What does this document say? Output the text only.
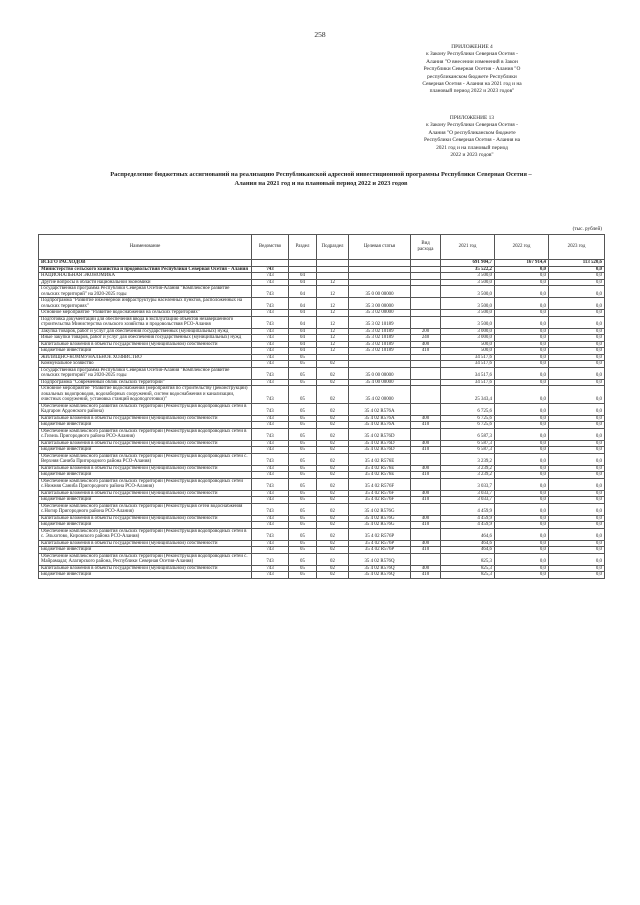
258
ПРИЛОЖЕНИЕ 4
к Закону Республики Северная Осетия -
Алания "О внесении изменений в Закон
Республики Северная Осетия - Алания "О
республиканском бюджете Республики
Северная Осетия - Алания на 2021 год и на
плановый период 2022 и 2023 годов"
ПРИЛОЖЕНИЕ 13
к Закону Республики Северная Осетия -
Алания "О республиканском бюджете
Республики Северная Осетия - Алания на
2021 год и на плановый период
2022 и 2023 годов"
Распределение бюджетных ассигнований на реализацию Республиканской адресной инвестиционной программы Республики Северная Осетия –
Алания на 2021 год и на плановый период 2022 и 2023 годов
(тыс. рублей)
Наименование	Ведомство	Раздел	Подраздел	Целевая статья	Вид расхода	2021 год	2022 год	2023 год
ВСЕГО РАСХОДОВ						691 904,7	167 914,4	113 520,6
Министерство сельского хозяйства и продовольствия Республики Северная Осетия - Алания	743					35 522,2	0,0	0,0
НАЦИОНАЛЬНАЯ ЭКОНОМИКА	743	04				3 500,0	0,0	0,0
Другие вопросы в области национальной экономики	743	04	12			3 500,0	0,0	0,0
Государственная программа Республики Северная Осетия-Алания "Комплексное развитие сельских территорий" на 2020-2025 годы	743	04	12	35 0 00 00000		3 500,0	0,0	0,0
Подпрограмма "Развитие инженерной инфраструктуры населенных пунктов, расположенных на сельских территориях"	743	04	12	35 3 00 00000		3 500,0	0,0	0,0
Основное мероприятие "Развитие водоснабжения на сельских территориях"	743	04	12	35 3 02 00000		3 500,0	0,0	0,0
Подготовка документации для обеспечения ввода в эксплуатацию объектов незавершенного строительства Министерства сельского хозяйства и продовольствия РСО-Алания	743	04	12	35 3 02 10189		3 500,0	0,0	0,0
Закупка товаров, работ и услуг для обеспечения государственных (муниципальных) нужд	743	04	12	35 3 02 10189	200	3 000,0	0,0	0,0
Иные закупки товаров, работ и услуг для обеспечения государственных (муниципальных) нужд	743	04	12	35 3 02 10189	240	3 000,0	0,0	0,0
Капитальные вложения в объекты государственной (муниципальной) собственности	743	04	12	35 3 02 10189	400	500,0	0,0	0,0
Бюджетные инвестиции	743	04	12	35 3 02 10189	410	500,0	0,0	0,0
ЖИЛИЩНО-КОММУНАЛЬНОЕ ХОЗЯЙСТВО	743	05				34 517,6	0,0	0,0
Коммунальное хозяйство	743	05	02			34 517,6	0,0	0,0
Государственная программа Республики Северная Осетия-Алания "Комплексное развитие сельских территорий" на 2020-2025 годы	743	05	02	35 0 00 00000		34 517,6	0,0	0,0
Подпрограмма "Современный облик сельских территорий"	743	05	02	35 4 00 00000		34 517,6	0,0	0,0
Основное мероприятие "Развитие водоснабжения (мероприятия по строительству (реконструкции) локальных водопроводов, водозаборных сооружений, систем водоснабжения и канализации, очистных сооружений, установка станций водоподготовки)"	743	05	02	35 4 02 00000		25 343,4	0,0	0,0
Обеспечение комплексного развития сельских территорий (Реконструкция водопроводных сетей в Кадгарон Ардонского района)	743	05	02	35 4 02 R576A		6 725,6	0,0	0,0
Капитальные вложения в объекты государственной (муниципальной) собственности	743	05	02	35 4 02 R576A	400	6 725,6	0,0	0,0
Бюджетные инвестиции	743	05	02	35 4 02 R576A	410	6 725,6	0,0	0,0
Обеспечение комплексного развития сельских территорий (Реконструкция водопроводных сетей в с.Гизель Пригородного района РСО-Алания)	743	05	02	35 4 02 R576D		6 587,3	0,0	0,0
Капитальные вложения в объекты государственной (муниципальной) собственности	743	05	02	35 4 02 R576D	400	6 587,3	0,0	0,0
Бюджетные инвестиции	743	05	02	35 4 02 R576D	410	6 587,3	0,0	0,0
Обеспечение комплексного развития сельских территорий (Реконструкция водопроводных сетей с. Верхняя Саниба Пригородного района РСО-Алания)	743	05	02	35 4 02 R576E		3 239,2	0,0	0,0
Капитальные вложения в объекты государственной (муниципальной) собственности	743	05	02	35 4 02 R576E	400	3 239,2	0,0	0,0
Бюджетные инвестиции	743	05	02	35 4 02 R576E	410	3 239,2	0,0	0,0
Обеспечение комплексного развития сельских территорий (Реконструкция водопроводных сетей с.Нижняя Саниба Пригородного района РСО-Алания)	743	05	02	35 4 02 R576F		3 033,7	0,0	0,0
Капитальные вложения в объекты государственной (муниципальной) собственности	743	05	02	35 4 02 R576F	400	3 033,7	0,0	0,0
Бюджетные инвестиции	743	05	02	35 4 02 R576F	410	3 033,7	0,0	0,0
Обеспечение комплексного развития сельских территорий (Реконструкция сетей водоснабжения с.Ногир Пригородного района РСО-Алания)	743	05	02	35 4 02 R576G		4 459,9	0,0	0,0
Капитальные вложения в объекты государственной (муниципальной) собственности	743	05	02	35 4 02 R576G	400	4 459,9	0,0	0,0
Бюджетные инвестиции	743	05	02	35 4 02 R576G	410	4 459,9	0,0	0,0
Обеспечение комплексного развития сельских территорий (Реконструкция водопроводных сетей в с. Эльхотово, Кировского района РСО-Алания)	743	05	02	35 4 02 R576P		464,6	0,0	0,0
Капитальные вложения в объекты государственной (муниципальной) собственности	743	05	02	35 4 02 R576P	400	464,6	0,0	0,0
Бюджетные инвестиции	743	05	02	35 4 02 R576P	410	464,6	0,0	0,0
Обеспечение комплексного развития сельских территорий (Реконструкция водопроводных сетей с. Майрамадаг, Алагирского района, Республики Северная Осетия-Алания)	743	05	02	35 4 02 R576Q		825,3	0,0	0,0
Капитальные вложения в объекты государственной (муниципальной) собственности	743	05	02	35 4 02 R576Q	400	825,3	0,0	0,0
Бюджетные инвестиции	743	05	02	35 4 02 R576Q	410	825,3	0,0	0,0
